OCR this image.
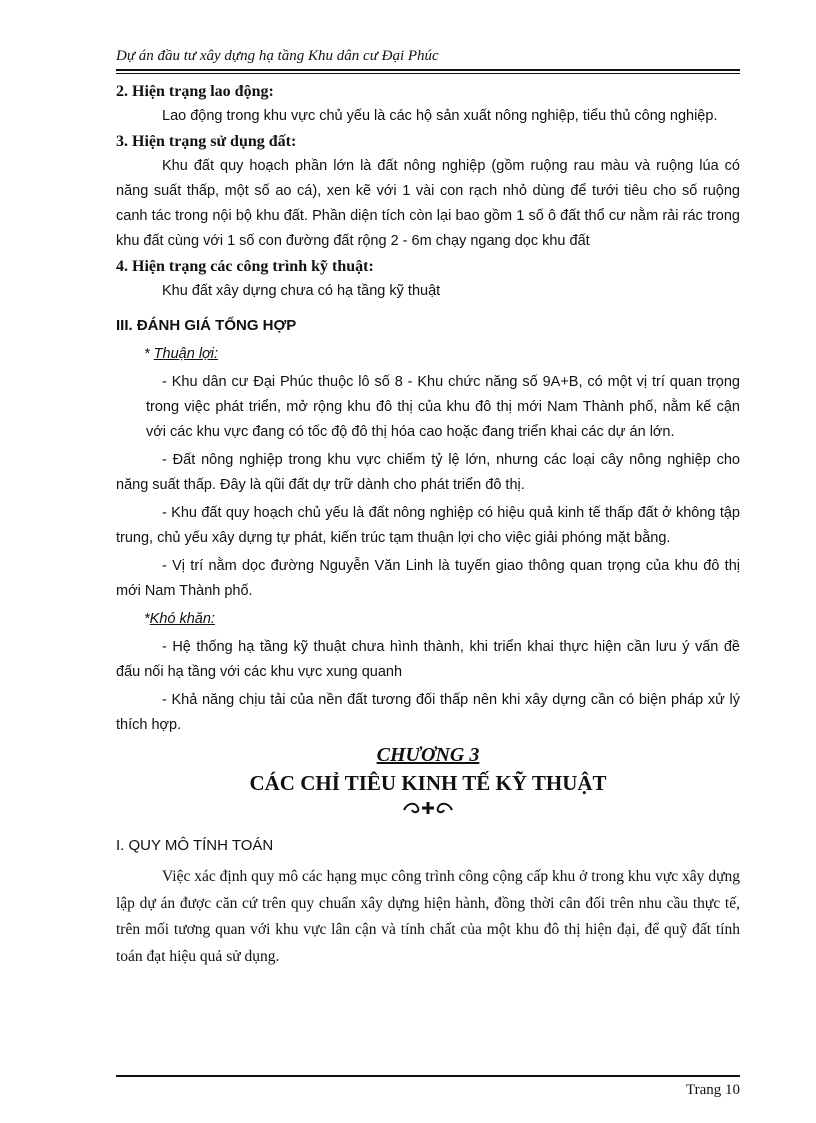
Dự án đầu tư xây dựng hạ tầng Khu dân cư Đại Phúc
2. Hiện trạng lao động:

Lao động trong khu vực chủ yếu là các hộ sản xuất nông nghiệp, tiểu thủ công nghiệp.

3. Hiện trạng sử dụng đất:

Khu đất quy hoạch phần lớn là đất nông nghiệp (gồm ruộng rau màu và ruộng lúa có năng suất thấp, một số ao cá), xen kẽ với 1 vài con rạch nhỏ dùng để tưới tiêu cho số ruộng canh tác trong nội bộ khu đất. Phần diện tích còn lại bao gồm 1 số ô đất thổ cư nằm rải rác trong khu đất cùng với 1 số con đường đất rộng 2 - 6m chạy ngang dọc khu đất

4. Hiện trạng các công trình kỹ thuật:

Khu đất xây dựng chưa có hạ tầng kỹ thuật

III. ĐÁNH GIÁ TỔNG HỢP
* Thuận lợi:

- Khu dân cư Đại Phúc thuộc lô số 8 - Khu chức năng số 9A+B, có một vị trí quan trọng trong việc phát triển, mở rộng khu đô thị của khu đô thị mới Nam Thành phố, nằm kế cận với các khu vực đang có tốc độ đô thị hóa cao hoặc đang triển khai các dự án lớn.

- Đất nông nghiệp trong khu vực chiếm tỷ lệ lớn, nhưng các loại cây nông nghiệp cho năng suất thấp. Đây là qũi đất dự trữ dành cho phát triển đô thị.

- Khu đất quy hoạch chủ yếu là đất nông nghiệp có hiệu quả kinh tế thấp đất ở không tập trung, chủ yếu xây dựng tự phát, kiến trúc tạm thuận lợi cho việc giải phóng mặt bằng.

- Vị trí nằm dọc đường Nguyễn Văn Linh là tuyến giao thông quan trọng của khu đô thị mới Nam Thành phố.

*Khó khăn:

- Hệ thống hạ tầng kỹ thuật chưa hình thành, khi triển khai thực hiện cần lưu ý vấn đề đấu nối hạ tầng với các khu vực xung quanh

- Khả năng chịu tải của nền đất tương đối thấp nên khi xây dựng cần có biện pháp xử lý thích hợp.

CHƯƠNG 3
CÁC CHỈ TIÊU KINH TẾ KỸ THUẬT
I. QUY MÔ TÍNH TOÁN

Việc xác định quy mô các hạng mục công trình công cộng cấp khu ở trong khu vực xây dựng lập dự án được căn cứ trên quy chuẩn xây dựng hiện hành, đồng thời cân đối trên nhu cầu thực tế, trên mối tương quan với khu vực lân cận và tính chất của một khu đô thị hiện đại, để quỹ đất tính toán đạt hiệu quả sử dụng.

Trang 10
